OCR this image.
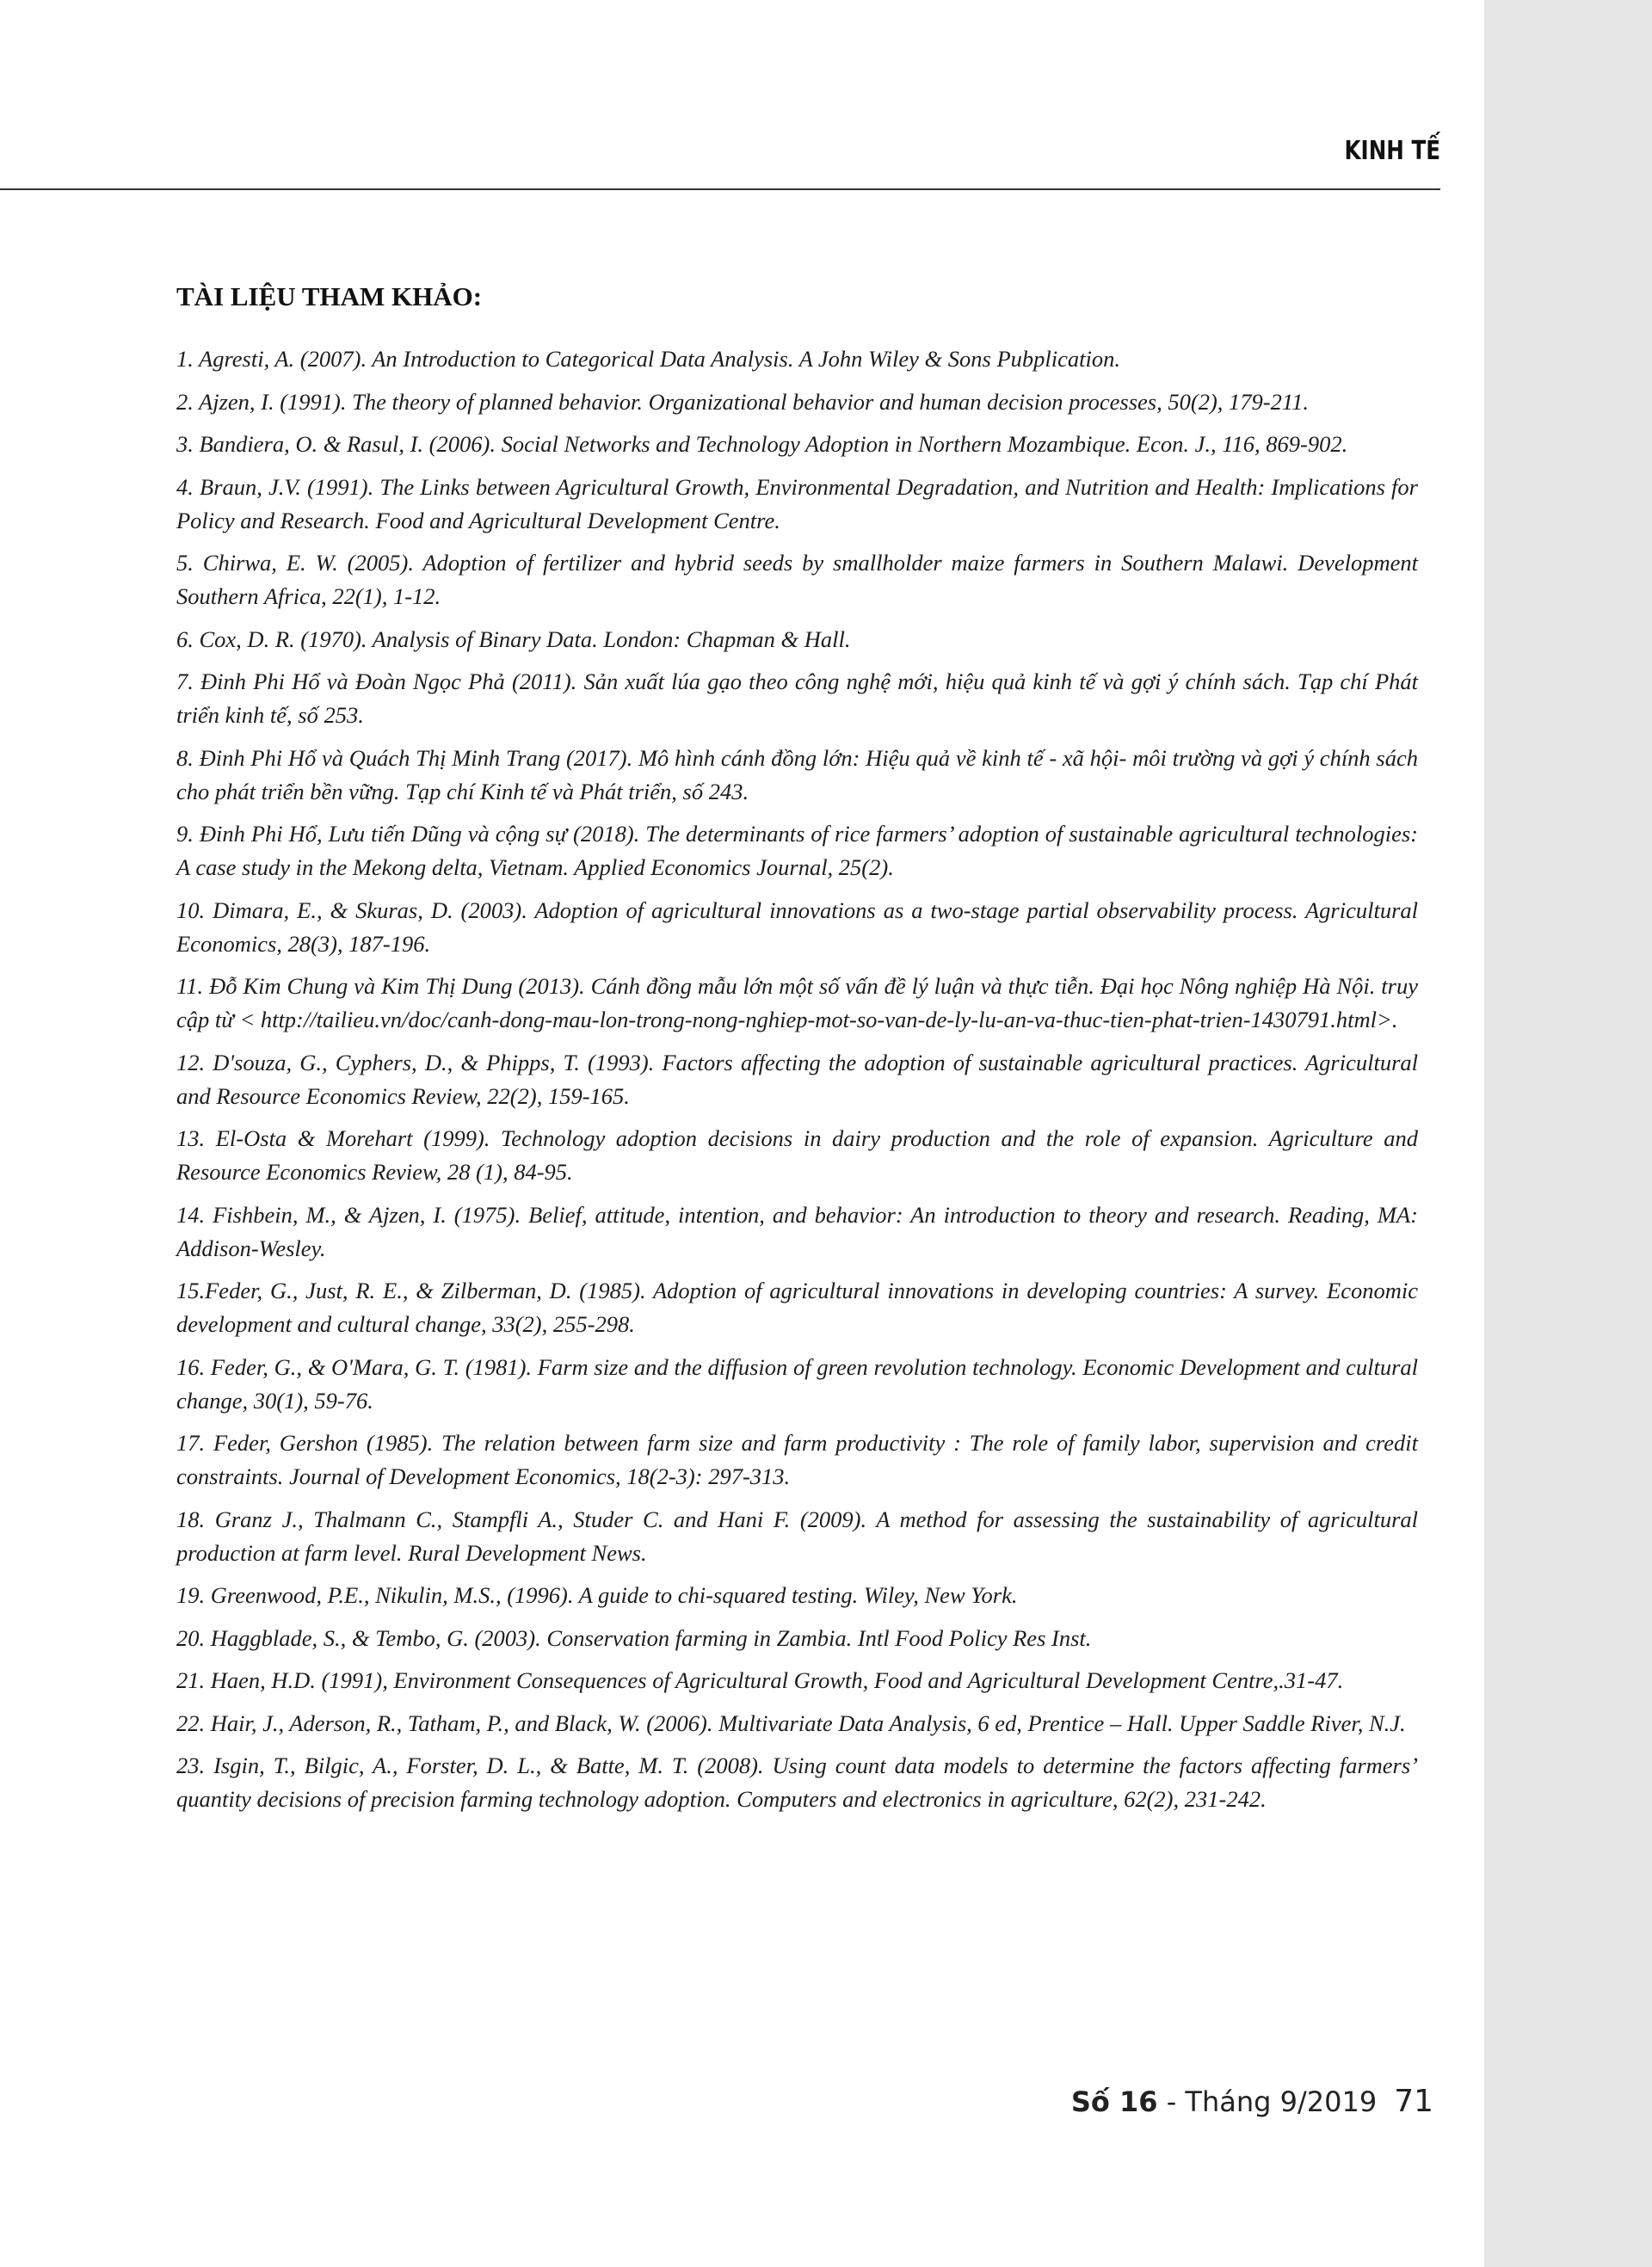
KINH TẾ
TÀI LIỆU THAM KHẢO:

1. Agresti, A. (2007). An Introduction to Categorical Data Analysis. A John Wiley & Sons Pubplication.

2. Ajzen, I. (1991). The theory of planned behavior. Organizational behavior and human decision processes, 50(2), 179-211.

3. Bandiera, O. & Rasul, I. (2006). Social Networks and Technology Adoption in Northern Mozambique. Econ. J., 116, 869-902.

4. Braun, J.V. (1991). The Links between Agricultural Growth, Environmental Degradation, and Nutrition and Health: Implications for Policy and Research. Food and Agricultural Development Centre.

5. Chirwa, E. W. (2005). Adoption of fertilizer and hybrid seeds by smallholder maize farmers in Southern Malawi. Development Southern Africa, 22(1), 1-12.

6. Cox, D. R. (1970). Analysis of Binary Data. London: Chapman & Hall.

7. Đinh Phi Hổ và Đoàn Ngọc Phả (2011). Sản xuất lúa gạo theo công nghệ mới, hiệu quả kinh tế và gợi ý chính sách. Tạp chí Phát triển kinh tế, số 253.

8. Đinh Phi Hổ và Quách Thị Minh Trang (2017). Mô hình cánh đồng lớn: Hiệu quả về kinh tế - xã hội- môi trường và gợi ý chính sách cho phát triển bền vững. Tạp chí Kinh tế và Phát triển, số 243.

9. Đinh Phi Hổ, Lưu tiến Dũng và cộng sự (2018). The determinants of rice farmers’ adoption of sustainable agricultural technologies: A case study in the Mekong delta, Vietnam. Applied Economics Journal, 25(2).

10. Dimara, E., & Skuras, D. (2003). Adoption of agricultural innovations as a two-stage partial observability process. Agricultural Economics, 28(3), 187-196.

11. Đỗ Kim Chung và Kim Thị Dung (2013). Cánh đồng mẫu lớn một số vấn đề lý luận và thực tiễn. Đại học Nông nghiệp Hà Nội. truy cập từ < http://tailieu.vn/doc/canh-dong-mau-lon-trong-nong-nghiep-mot-so-van-de-ly-lu-an-va-thuc-tien-phat-trien-1430791.html>.

12. D'souza, G., Cyphers, D., & Phipps, T. (1993). Factors affecting the adoption of sustainable agricultural practices. Agricultural and Resource Economics Review, 22(2), 159-165.

13. El-Osta & Morehart (1999). Technology adoption decisions in dairy production and the role of expansion. Agriculture and Resource Economics Review, 28 (1), 84-95.

14. Fishbein, M., & Ajzen, I. (1975). Belief, attitude, intention, and behavior: An introduction to theory and research. Reading, MA: Addison-Wesley.

15.Feder, G., Just, R. E., & Zilberman, D. (1985). Adoption of agricultural innovations in developing countries: A survey. Economic development and cultural change, 33(2), 255-298.

16. Feder, G., & O'Mara, G. T. (1981). Farm size and the diffusion of green revolution technology. Economic Development and cultural change, 30(1), 59-76.

17. Feder, Gershon (1985). The relation between farm size and farm productivity : The role of family labor, supervision and credit constraints. Journal of Development Economics, 18(2-3): 297-313.

18. Granz J., Thalmann C., Stampfli A., Studer C. and Hani F. (2009). A method for assessing the sustainability of agricultural production at farm level. Rural Development News.

19. Greenwood, P.E., Nikulin, M.S., (1996). A guide to chi-squared testing. Wiley, New York.

20. Haggblade, S., & Tembo, G. (2003). Conservation farming in Zambia. Intl Food Policy Res Inst.

21. Haen, H.D. (1991), Environment Consequences of Agricultural Growth, Food and Agricultural Development Centre,.31-47.

22. Hair, J., Aderson, R., Tatham, P., and Black, W. (2006). Multivariate Data Analysis, 6 ed, Prentice – Hall. Upper Saddle River, N.J.

23. Isgin, T., Bilgic, A., Forster, D. L., & Batte, M. T. (2008). Using count data models to determine the factors affecting farmers’ quantity decisions of precision farming technology adoption. Computers and electronics in agriculture, 62(2), 231-242.

Số 16 - Tháng 9/2019 71
